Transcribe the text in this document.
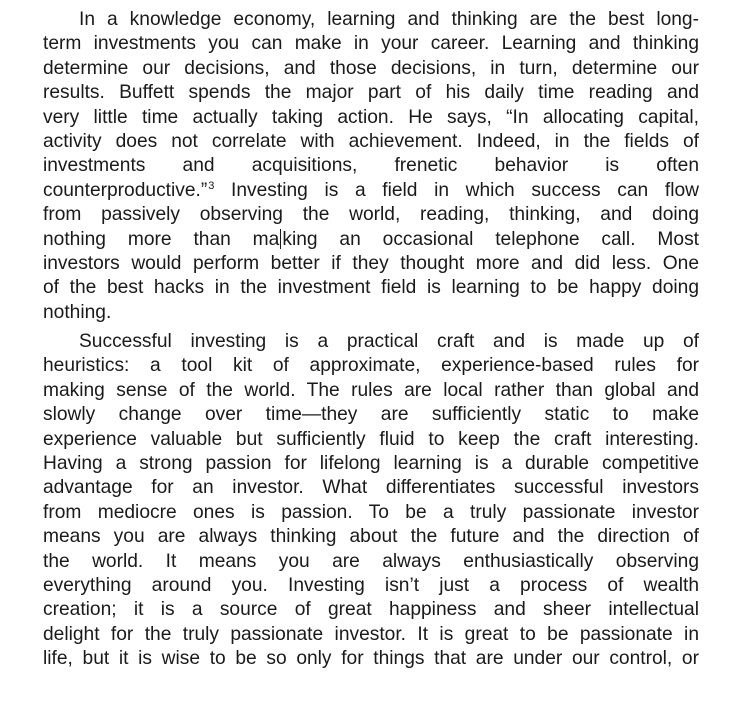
In a knowledge economy, learning and thinking are the best long-
term investments you can make in your career. Learning and thinking
determine our decisions, and those decisions, in turn, determine our
results. Buffett spends the major part of his daily time reading and
very little time actually taking action. He says, “In allocating capital,
activity does not correlate with achievement. Indeed, in the fields of
investments and acquisitions, frenetic behavior is often
counterproductive.”$^3$ Investing is a field in which success can flow
from passively observing the world, reading, thinking, and doing
nothing more than ma king an occasional telephone call. Most
investors would perform better if they thought more and did less. One
of the best hacks in the investment field is learning to be happy doing
nothing.

Successful investing is a practical craft and is made up of
heuristics: a tool kit of approximate, experience-based rules for
making sense of the world. The rules are local rather than global and
slowly change over time—they are sufficiently static to make
experience valuable but sufficiently fluid to keep the craft interesting.
Having a strong passion for lifelong learning is a durable competitive
advantage for an investor. What differentiates successful investors
from mediocre ones is passion. To be a truly passionate investor
means you are always thinking about the future and the direction of
the world. It means you are always enthusiastically observing
everything around you. Investing isn’t just a process of wealth
creation; it is a source of great happiness and sheer intellectual
delight for the truly passionate investor. It is great to be passionate in
life, but it is wise to be so only for things that are under our control, or
